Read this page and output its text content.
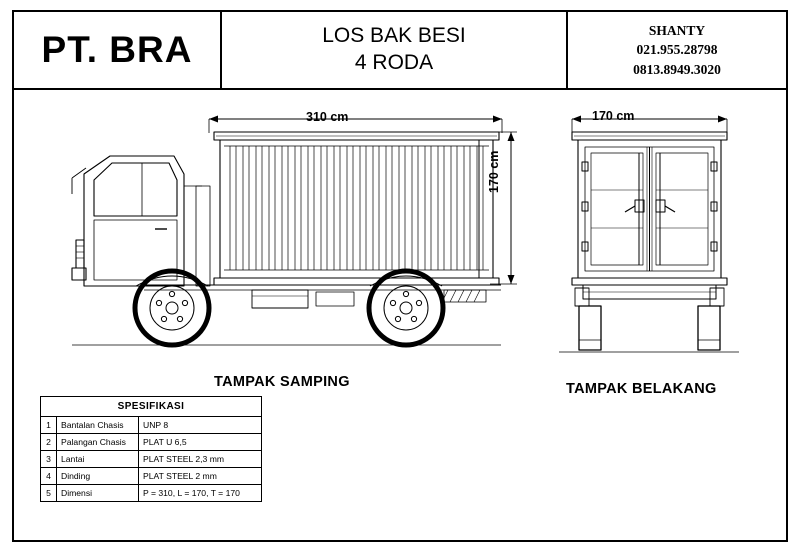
PT. BRA	LOS BAK BESI
4 RODA
SHANTY
021.955.28798
0813.8949.3020
310 cm
170 cm
170 cm
TAMPAK SAMPING	TAMPAK BELAKANG
SPESIFIKASI		
1	Bantalan Chasis	UNP 8
2	Palangan Chasis	PLAT U 6,5
3	Lantai	PLAT STEEL 2,3 mm
4	Dinding	PLAT STEEL 2 mm
5	Dimensi	P = 310, L = 170, T = 170
